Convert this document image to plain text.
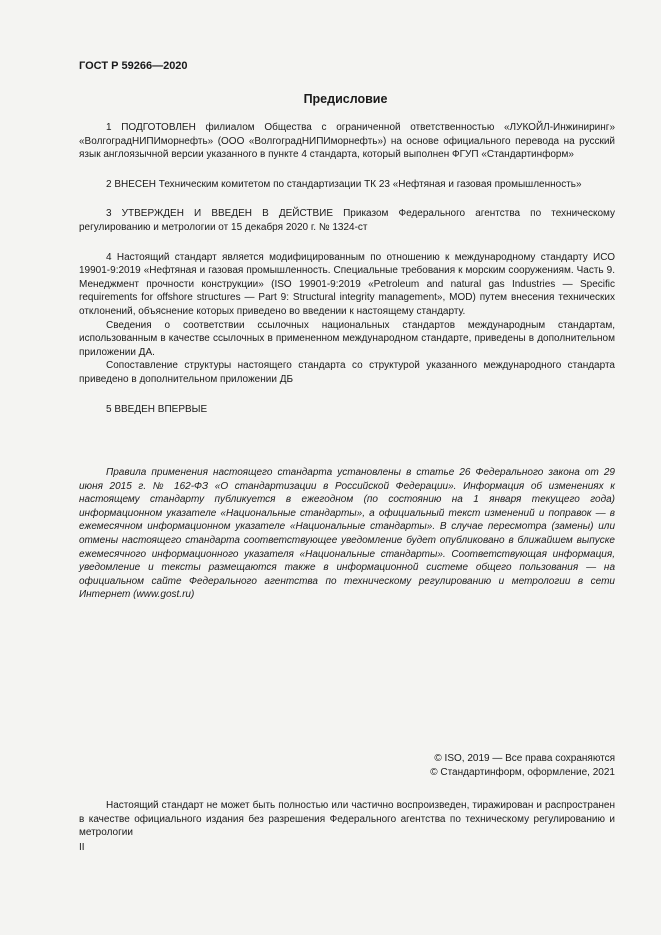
ГОСТ Р 59266—2020
Предисловие

1 ПОДГОТОВЛЕН филиалом Общества с ограниченной ответственностью «ЛУКОЙЛ-Инжиниринг» «ВолгоградНИПИморнефть» (ООО «ВолгоградНИПИморнефть») на основе официального перевода на русский язык англоязычной версии указанного в пункте 4 стандарта, который выполнен ФГУП «Стандартинформ»

2 ВНЕСЕН Техническим комитетом по стандартизации ТК 23 «Нефтяная и газовая промышленность»

3 УТВЕРЖДЕН И ВВЕДЕН В ДЕЙСТВИЕ Приказом Федерального агентства по техническому регулированию и метрологии от 15 декабря 2020 г. № 1324-ст

4 Настоящий стандарт является модифицированным по отношению к международному стандарту ИСО 19901-9:2019 «Нефтяная и газовая промышленность. Специальные требования к морским сооружениям. Часть 9. Менеджмент прочности конструкции» (ISO 19901-9:2019 «Petroleum and natural gas Industries — Specific requirements for offshore structures — Part 9: Structural integrity management», MOD) путем внесения технических отклонений, объяснение которых приведено во введении к настоящему стандарту.

Сведения о соответствии ссылочных национальных стандартов международным стандартам, использованным в качестве ссылочных в примененном международном стандарте, приведены в дополнительном приложении ДА.

Сопоставление структуры настоящего стандарта со структурой указанного международного стандарта приведено в дополнительном приложении ДБ

5 ВВЕДЕН ВПЕРВЫЕ

Правила применения настоящего стандарта установлены в статье 26 Федерального закона от 29 июня 2015 г. № 162-ФЗ «О стандартизации в Российской Федерации». Информация об изменениях к настоящему стандарту публикуется в ежегодном (по состоянию на 1 января текущего года) информационном указателе «Национальные стандарты», а официальный текст изменений и поправок — в ежемесячном информационном указателе «Национальные стандарты». В случае пересмотра (замены) или отмены настоящего стандарта соответствующее уведомление будет опубликовано в ближайшем выпуске ежемесячного информационного указателя «Национальные стандарты». Соответствующая информация, уведомление и тексты размещаются также в информационной системе общего пользования — на официальном сайте Федерального агентства по техническому регулированию и метрологии в сети Интернет (www.gost.ru)

© ISO, 2019 — Все права сохраняются
© Стандартинформ, оформление, 2021

Настоящий стандарт не может быть полностью или частично воспроизведен, тиражирован и распространен в качестве официального издания без разрешения Федерального агентства по техническому регулированию и метрологии

II
